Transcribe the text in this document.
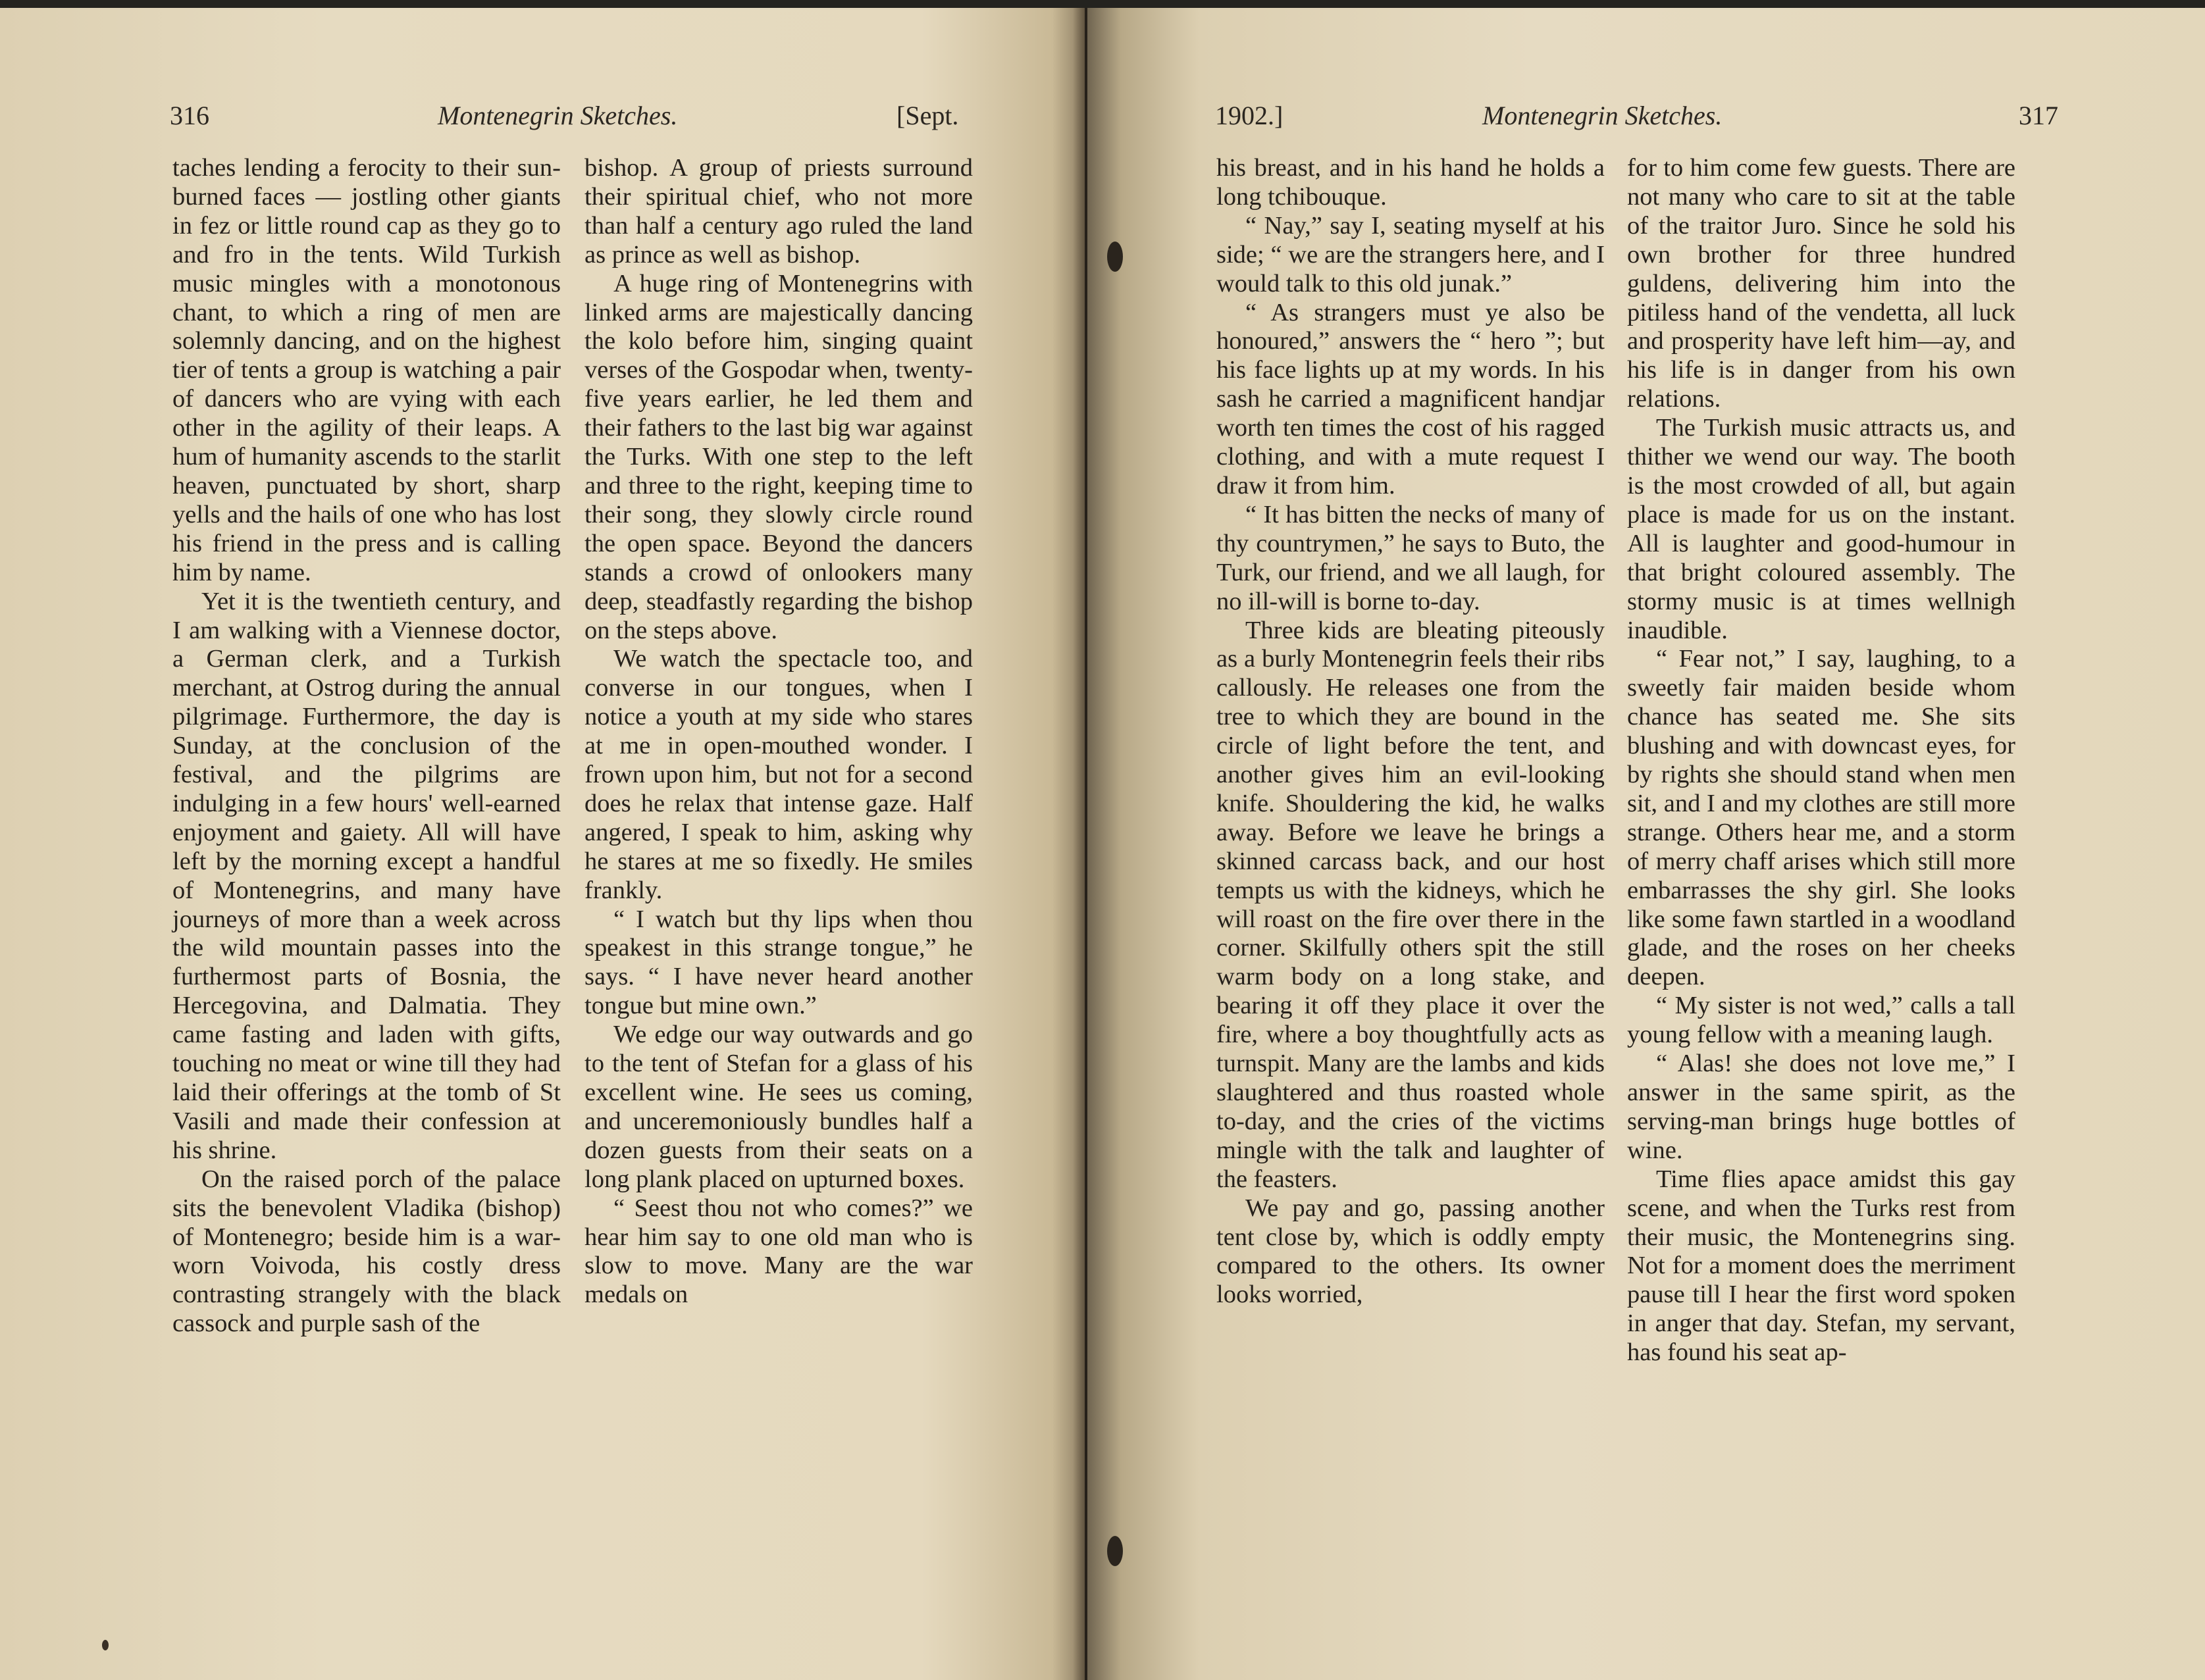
316	Montenegrin Sketches.	[Sept.

taches lending a ferocity to their sun-burned faces — jostling other giants in fez or little round cap as they go to and fro in the tents. Wild Turkish music mingles with a monotonous chant, to which a ring of men are solemnly dancing, and on the highest tier of tents a group is watching a pair of dancers who are vying with each other in the agility of their leaps. A hum of humanity ascends to the starlit heaven, punctuated by short, sharp yells and the hails of one who has lost his friend in the press and is calling him by name.

Yet it is the twentieth century, and I am walking with a Viennese doctor, a German clerk, and a Turkish merchant, at Ostrog during the annual pilgrimage. Furthermore, the day is Sunday, at the conclusion of the festival, and the pilgrims are indulging in a few hours' well-earned enjoyment and gaiety. All will have left by the morning except a handful of Montenegrins, and many have journeys of more than a week across the wild mountain passes into the furthermost parts of Bosnia, the Hercegovina, and Dalmatia. They came fasting and laden with gifts, touching no meat or wine till they had laid their offerings at the tomb of St Vasili and made their confession at his shrine.

On the raised porch of the palace sits the benevolent Vladika (bishop) of Montenegro; beside him is a war-worn Voivoda, his costly dress contrasting strangely with the black cassock and purple sash of the

bishop. A group of priests surround their spiritual chief, who not more than half a century ago ruled the land as prince as well as bishop.

A huge ring of Montenegrins with linked arms are majestically dancing the kolo before him, singing quaint verses of the Gospodar when, twenty-five years earlier, he led them and their fathers to the last big war against the Turks. With one step to the left and three to the right, keeping time to their song, they slowly circle round the open space. Beyond the dancers stands a crowd of onlookers many deep, steadfastly regarding the bishop on the steps above.

We watch the spectacle too, and converse in our tongues, when I notice a youth at my side who stares at me in open-mouthed wonder. I frown upon him, but not for a second does he relax that intense gaze. Half angered, I speak to him, asking why he stares at me so fixedly. He smiles frankly.

“ I watch but thy lips when thou speakest in this strange tongue,” he says. “ I have never heard another tongue but mine own.”

We edge our way outwards and go to the tent of Stefan for a glass of his excellent wine. He sees us coming, and unceremoniously bundles half a dozen guests from their seats on a long plank placed on upturned boxes.

“ Seest thou not who comes?” we hear him say to one old man who is slow to move. Many are the war medals on

1902.]	Montenegrin Sketches.	317

his breast, and in his hand he holds a long tchibouque.

“ Nay,” say I, seating myself at his side; “ we are the strangers here, and I would talk to this old junak.”

“ As strangers must ye also be honoured,” answers the “ hero ”; but his face lights up at my words. In his sash he carried a magnificent handjar worth ten times the cost of his ragged clothing, and with a mute request I draw it from him.

“ It has bitten the necks of many of thy countrymen,” he says to Buto, the Turk, our friend, and we all laugh, for no ill-will is borne to-day.

Three kids are bleating piteously as a burly Montenegrin feels their ribs callously. He releases one from the tree to which they are bound in the circle of light before the tent, and another gives him an evil-looking knife. Shouldering the kid, he walks away. Before we leave he brings a skinned carcass back, and our host tempts us with the kidneys, which he will roast on the fire over there in the corner. Skilfully others spit the still warm body on a long stake, and bearing it off they place it over the fire, where a boy thoughtfully acts as turnspit. Many are the lambs and kids slaughtered and thus roasted whole to-day, and the cries of the victims mingle with the talk and laughter of the feasters.

We pay and go, passing another tent close by, which is oddly empty compared to the others. Its owner looks worried,

for to him come few guests. There are not many who care to sit at the table of the traitor Juro. Since he sold his own brother for three hundred guldens, delivering him into the pitiless hand of the vendetta, all luck and prosperity have left him—ay, and his life is in danger from his own relations.

The Turkish music attracts us, and thither we wend our way. The booth is the most crowded of all, but again place is made for us on the instant. All is laughter and good-humour in that bright coloured assembly. The stormy music is at times wellnigh inaudible.

“ Fear not,” I say, laughing, to a sweetly fair maiden beside whom chance has seated me. She sits blushing and with downcast eyes, for by rights she should stand when men sit, and I and my clothes are still more strange. Others hear me, and a storm of merry chaff arises which still more embarrasses the shy girl. She looks like some fawn startled in a woodland glade, and the roses on her cheeks deepen.

“ My sister is not wed,” calls a tall young fellow with a meaning laugh.

“ Alas! she does not love me,” I answer in the same spirit, as the serving-man brings huge bottles of wine.

Time flies apace amidst this gay scene, and when the Turks rest from their music, the Montenegrins sing. Not for a moment does the merriment pause till I hear the first word spoken in anger that day. Stefan, my servant, has found his seat ap-
